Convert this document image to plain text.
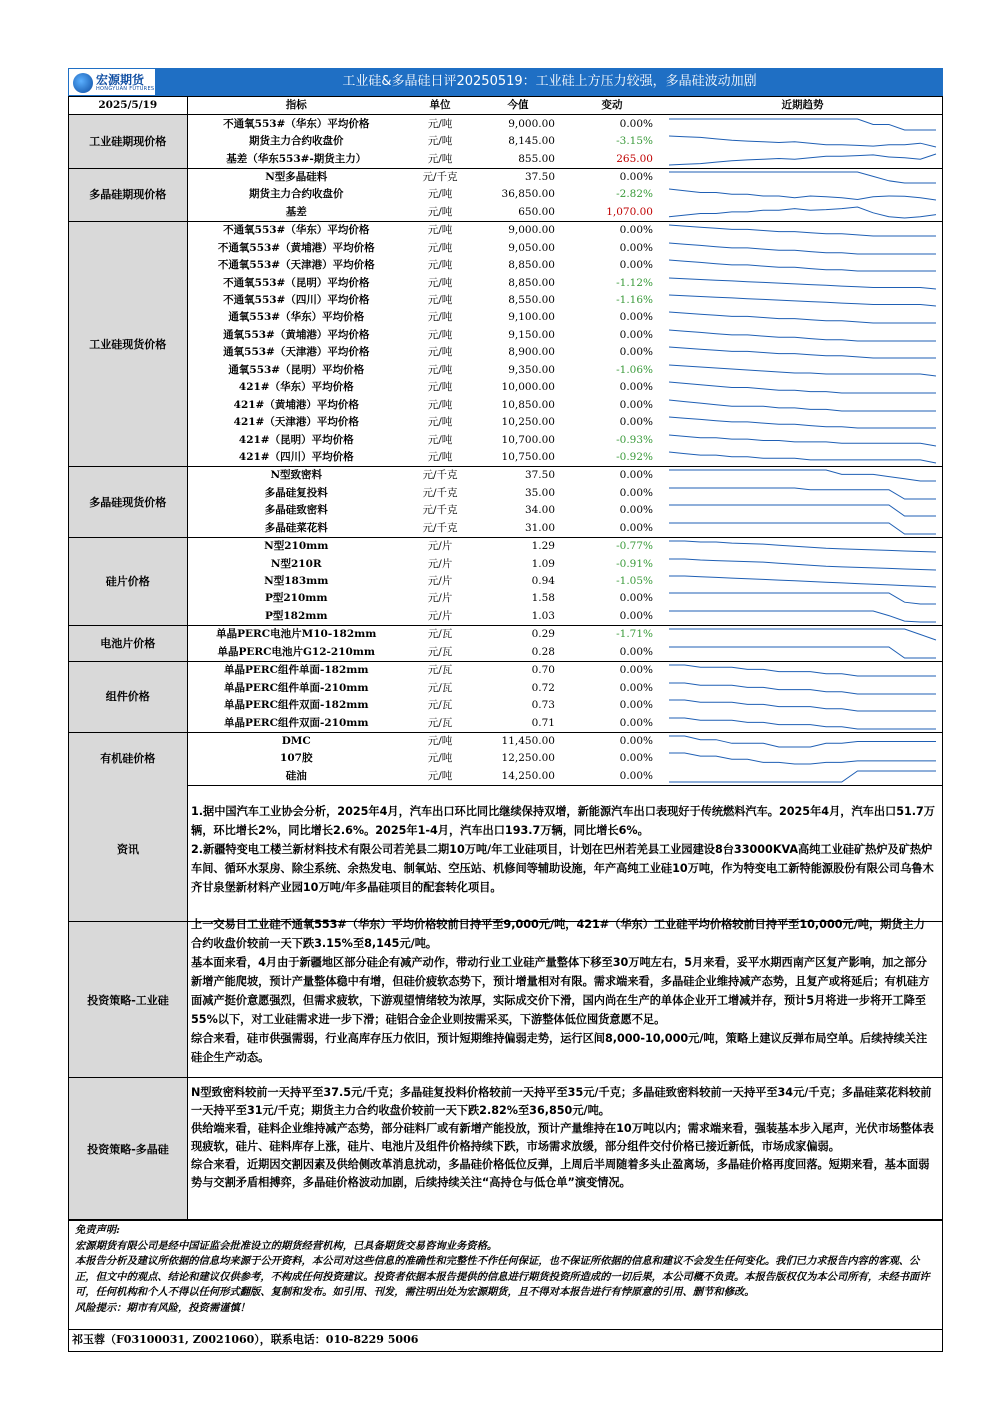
宏源期货
HONGYUAN FUTURES	工业硅&多晶硅日评20250519：工业硅上方压力较强，多晶硅波动加剧
2025/5/19	指标	单位	今值	变动	近期趋势
工业硅期现价格	不通氧553#（华东）平均价格	元/吨	9,000.00	0.00%	

	期货主力合约收盘价	元/吨	8,145.00	-3.15%	

	基差（华东553#-期货主力）	元/吨	855.00	265.00	

多晶硅期现价格	N型多晶硅料	元/千克	37.50	0.00%	

	期货主力合约收盘价	元/吨	36,850.00	-2.82%	

	基差	元/吨	650.00	1,070.00	

工业硅现货价格	不通氧553#（华东）平均价格	元/吨	9,000.00	0.00%	

	不通氧553#（黄埔港）平均价格	元/吨	9,050.00	0.00%	

	不通氧553#（天津港）平均价格	元/吨	8,850.00	0.00%	

	不通氧553#（昆明）平均价格	元/吨	8,850.00	-1.12%	

	不通氧553#（四川）平均价格	元/吨	8,550.00	-1.16%	

	通氧553#（华东）平均价格	元/吨	9,100.00	0.00%	

	通氧553#（黄埔港）平均价格	元/吨	9,150.00	0.00%	

	通氧553#（天津港）平均价格	元/吨	8,900.00	0.00%	

	通氧553#（昆明）平均价格	元/吨	9,350.00	-1.06%	

	421#（华东）平均价格	元/吨	10,000.00	0.00%	

	421#（黄埔港）平均价格	元/吨	10,850.00	0.00%	

	421#（天津港）平均价格	元/吨	10,250.00	0.00%	

	421#（昆明）平均价格	元/吨	10,700.00	-0.93%	

	421#（四川）平均价格	元/吨	10,750.00	-0.92%	

多晶硅现货价格	N型致密料	元/千克	37.50	0.00%	

	多晶硅复投料	元/千克	35.00	0.00%	

	多晶硅致密料	元/千克	34.00	0.00%	

	多晶硅菜花料	元/千克	31.00	0.00%	

硅片价格	N型210mm	元/片	1.29	-0.77%	

	N型210R	元/片	1.09	-0.91%	

	N型183mm	元/片	0.94	-1.05%	

	P型210mm	元/片	1.58	0.00%	

	P型182mm	元/片	1.03	0.00%	

电池片价格	单晶PERC电池片M10-182mm	元/瓦	0.29	-1.71%	

	单晶PERC电池片G12-210mm	元/瓦	0.28	0.00%	

组件价格	单晶PERC组件单面-182mm	元/瓦	0.70	0.00%	

	单晶PERC组件单面-210mm	元/瓦	0.72	0.00%	

	单晶PERC组件双面-182mm	元/瓦	0.73	0.00%	

	单晶PERC组件双面-210mm	元/瓦	0.71	0.00%	

有机硅价格	DMC	元/吨	11,450.00	0.00%	

	107胶	元/吨	12,250.00	0.00%	

	硅油	元/吨	14,250.00	0.00%	
资讯

1.据中国汽车工业协会分析，2025年4月，汽车出口环比同比继续保持双增，新能源汽车出口表现好于传统燃料汽车。2025年4月，汽车出口51.7万辆，环比增长2%，同比增长2.6%。2025年1-4月，汽车出口193.7万辆，同比增长6%。

2.新疆特变电工楼兰新材料技术有限公司若羌县二期10万吨/年工业硅项目，计划在巴州若羌县工业园建设8台33000KVA高纯工业硅矿热炉及矿热炉车间、循环水泵房、除尘系统、余热发电、制氧站、空压站、机修间等辅助设施，年产高纯工业硅10万吨，作为特变电工新特能源股份有限公司乌鲁木齐甘泉堡新材料产业园10万吨/年多晶硅项目的配套转化项目。

投资策略-工业硅

上一交易日工业硅不通氧553#（华东）平均价格较前日持平至9,000元/吨，421#（华东）工业硅平均价格较前日持平至10,000元/吨，期货主力合约收盘价较前一天下跌3.15%至8,145元/吨。

基本面来看，4月由于新疆地区部分硅企有减产动作，带动行业工业硅产量整体下移至30万吨左右，5月来看，妥平水期西南产区复产影响，加之部分新增产能爬坡，预计产量整体稳中有增，但硅价疲软态势下，预计增量相对有限。需求端来看，多晶硅企业维持减产态势，且复产或将延后；有机硅方面减产挺价意愿强烈，但需求疲软，下游观望情绪较为浓厚，实际成交价下滑，国内尚在生产的单体企业开工增减并存，预计5月将进一步将开工降至55%以下，对工业硅需求进一步下滑；硅铝合金企业则按需采买，下游整体低位囤货意愿不足。

综合来看，硅市供强需弱，行业高库存压力依旧，预计短期维持偏弱走势，运行区间8,000-10,000元/吨，策略上建议反弹布局空单。后续持续关注硅企生产动态。

投资策略-多晶硅

N型致密料较前一天持平至37.5元/千克；多晶硅复投料价格较前一天持平至35元/千克；多晶硅致密料较前一天持平至34元/千克；多晶硅菜花料较前一天持平至31元/千克；期货主力合约收盘价较前一天下跌2.82%至36,850元/吨。

供给端来看，硅料企业维持减产态势，部分硅料厂或有新增产能投放，预计产量维持在10万吨以内；需求端来看，强装基本步入尾声，光伏市场整体表现疲软，硅片、硅料库存上涨，硅片、电池片及组件价格持续下跌，市场需求放缓，部分组件交付价格已接近新低，市场成家偏弱。

综合来看，近期因交割因素及供给侧改革消息扰动，多晶硅价格低位反弹，上周后半周随着多头止盈离场，多晶硅价格再度回落。短期来看，基本面弱势与交割矛盾相搏弈，多晶硅价格波动加剧，后续持续关注“高持仓与低仓单”演变情况。

免责声明:
宏源期货有限公司是经中国证监会批准设立的期货经营机构，已具备期货交易咨询业务资格。
本报告分析及建议所依据的信息均来源于公开资料，本公司对这些信息的准确性和完整性不作任何保证，也不保证所依据的信息和建议不会发生任何变化。我们已力求报告内容的客观、公正，但文中的观点、结论和建议仅供参考，不构成任何投资建议。投资者依据本报告提供的信息进行期货投资所造成的一切后果，本公司概不负责。本报告版权仅为本公司所有，未经书面许可，任何机构和个人不得以任何形式翻版、复制和发布。如引用、刊发，需注明出处为宏源期货，且不得对本报告进行有悖原意的引用、删节和修改。
风险提示：期市有风险，投资需谨慎！
祁玉蓉（F03100031, Z0021060），联系电话：010-8229 5006
